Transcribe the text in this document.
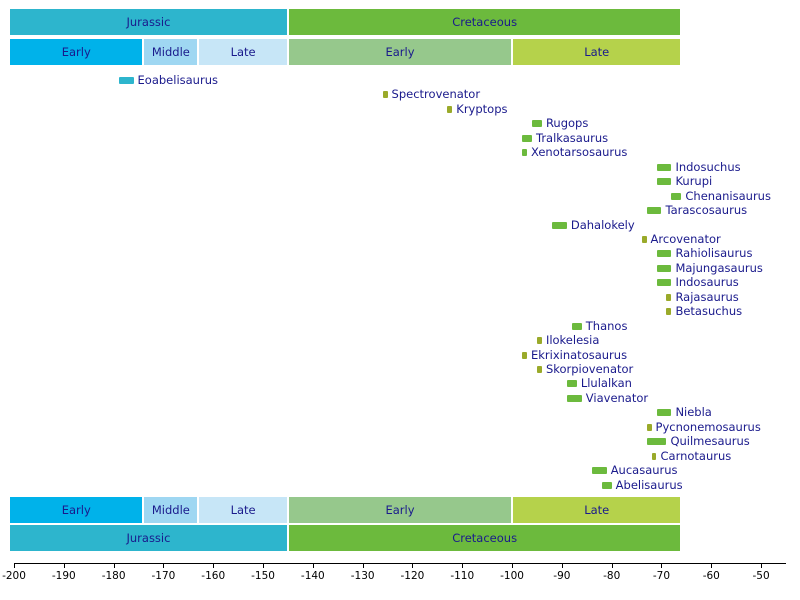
Jurassic	Cretaceous
Early	Middle	Late	Early	Late
Early	Middle	Late	Early	Late
Jurassic	Cretaceous
Eoabelisaurus
Spectrovenator
Kryptops
Rugops
Tralkasaurus
Xenotarsosaurus
Indosuchus
Kurupi
Chenanisaurus
Tarascosaurus
Dahalokely
Arcovenator
Rahiolisaurus
Majungasaurus
Indosaurus
Rajasaurus
Betasuchus
Thanos
Ilokelesia
Ekrixinatosaurus
Skorpiovenator
Llulalkan
Viavenator
Niebla
Pycnonemosaurus
Quilmesaurus
Carnotaurus
Aucasaurus
Abelisaurus
-200 -190 -180 -170 -160 -150 -140 -130 -120 -110 -100	-90	-80	-70	-60	-50
